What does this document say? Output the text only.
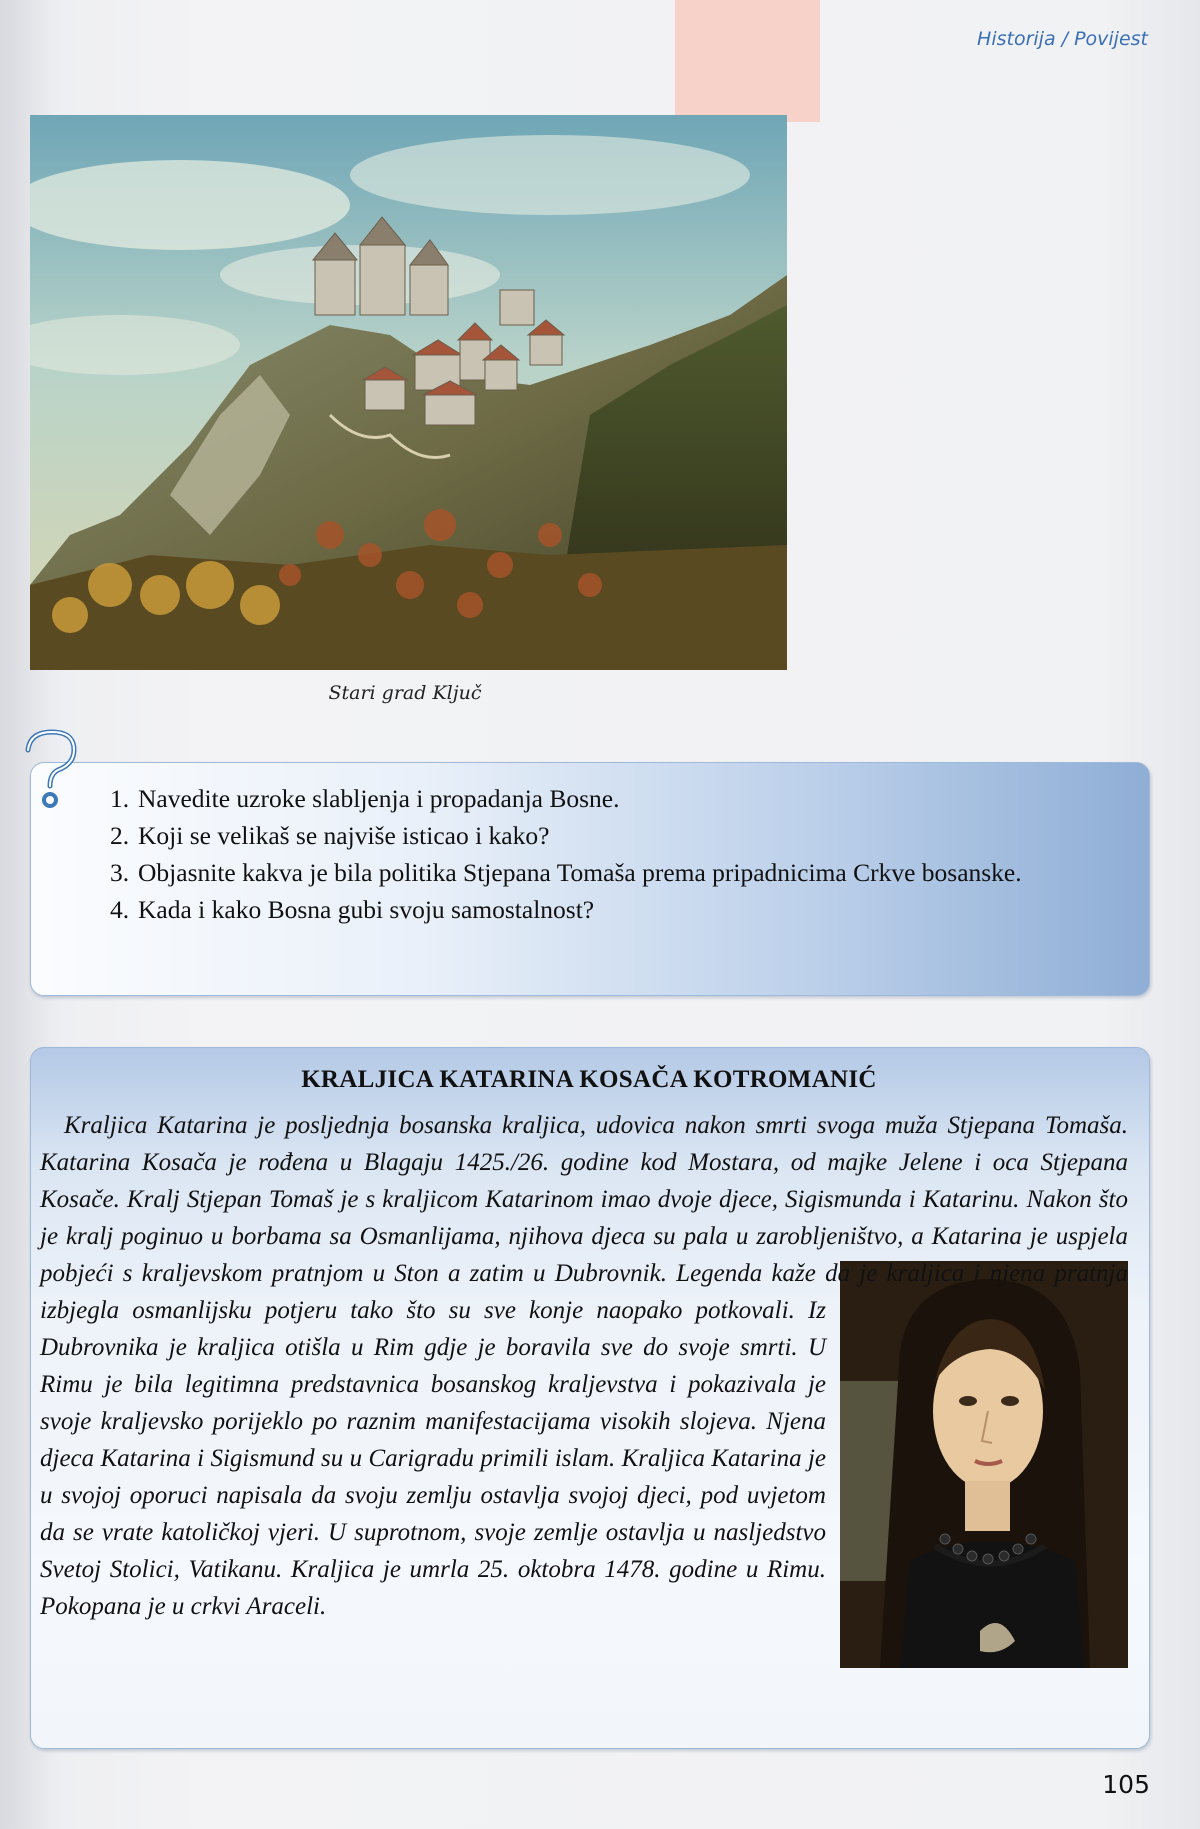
Historija / Povijest
Stari grad Ključ
1. Navedite uzroke slabljenja i propadanja Bosne.
2. Koji se velikaš se najviše isticao i kako?
3. Objasnite kakva je bila politika Stjepana Tomaša prema pripadnicima Crkve bosanske.
4. Kada i kako Bosna gubi svoju samostalnost?
KRALJICA KATARINA KOSAČA KOTROMANIĆ
Kraljica Katarina je posljednja bosanska kraljica, udovica nakon smrti svoga muža Stjepana Tomaša. Katarina Kosača je rođena u Blagaju 1425./26. godine kod Mostara, od majke Jelene i oca Stjepana Kosače. Kralj Stjepan Tomaš je s kraljicom Katarinom imao dvoje djece, Sigismunda i Katarinu. Nakon što je kralj poginuo u borbama sa Osmanlijama, njihova djeca su pala u zarobljeništvo, a Katarina je uspjela pobjeći s kraljevskom pratnjom u Ston a zatim u Dubrovnik. Legenda kaže da je kraljica i njena pratnja izbjegla osmanlijsku potjeru tako što su sve konje naopako potkovali. Iz Dubrovnika je kraljica otišla u Rim gdje je boravila sve do svoje smrti. U Rimu je bila legitimna predstavnica bosanskog kraljevstva i pokazivala je svoje kraljevsko porijeklo po raznim manifestacijama visokih slojeva. Njena djeca Katarina i Sigismund su u Carigradu primili islam. Kraljica Katarina je u svojoj oporuci napisala da svoju zemlju ostavlja svojoj djeci, pod uvjetom da se vrate katoličkoj vjeri. U suprotnom, svoje zemlje ostavlja u nasljedstvo Svetoj Stolici, Vatikanu. Kraljica je umrla 25. oktobra 1478. godine u Rimu. Pokopana je u crkvi Araceli.
105
